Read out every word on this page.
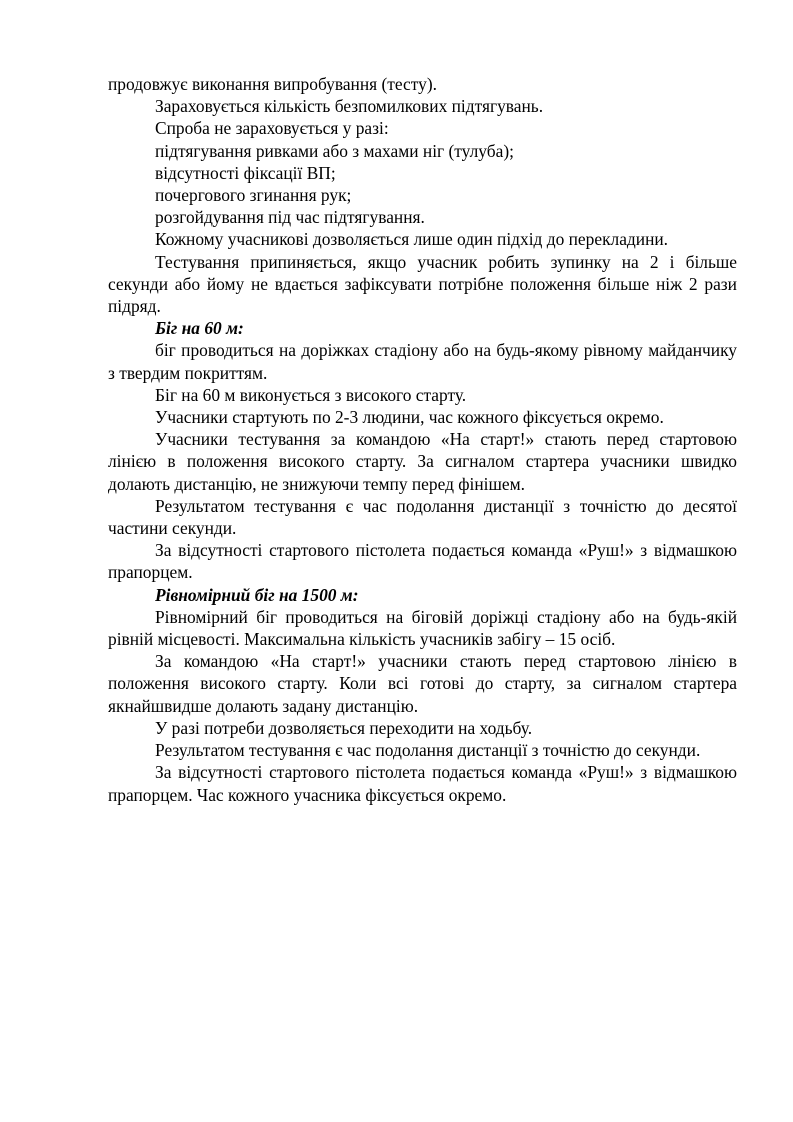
продовжує виконання випробування (тесту).

Зараховується кількість безпомилкових підтягувань.

Спроба не зараховується у разі:

підтягування ривками або з махами ніг (тулуба);

відсутності фіксації ВП;

почергового згинання рук;

розгойдування під час підтягування.

Кожному учасникові дозволяється лише один підхід до перекладини.

Тестування припиняється, якщо учасник робить зупинку на 2 і більше секунди або йому не вдається зафіксувати потрібне положення більше ніж 2 рази підряд.

Біг на 60 м:

біг проводиться на доріжках стадіону або на будь-якому рівному майданчику з твердим покриттям.

Біг на 60 м виконується з високого старту.

Учасники стартують по 2-3 людини, час кожного фіксується окремо.

Учасники тестування за командою «На старт!» стають перед стартовою лінією в положення високого старту. За сигналом стартера учасники швидко долають дистанцію, не знижуючи темпу перед фінішем.

Результатом тестування є час подолання дистанції з точністю до десятої частини секунди.

За відсутності стартового пістолета подається команда «Руш!» з відмашкою прапорцем.

Рівномірний біг на 1500 м:

Рівномірний біг проводиться на біговій доріжці стадіону або на будь-якій рівній місцевості. Максимальна кількість учасників забігу – 15 осіб.

За командою «На старт!» учасники стають перед стартовою лінією в положення високого старту. Коли всі готові до старту, за сигналом стартера якнайшвидше долають задану дистанцію.

У разі потреби дозволяється переходити на ходьбу.

Результатом тестування є час подолання дистанції з точністю до секунди.

За відсутності стартового пістолета подається команда «Руш!» з відмашкою прапорцем. Час кожного учасника фіксується окремо.
